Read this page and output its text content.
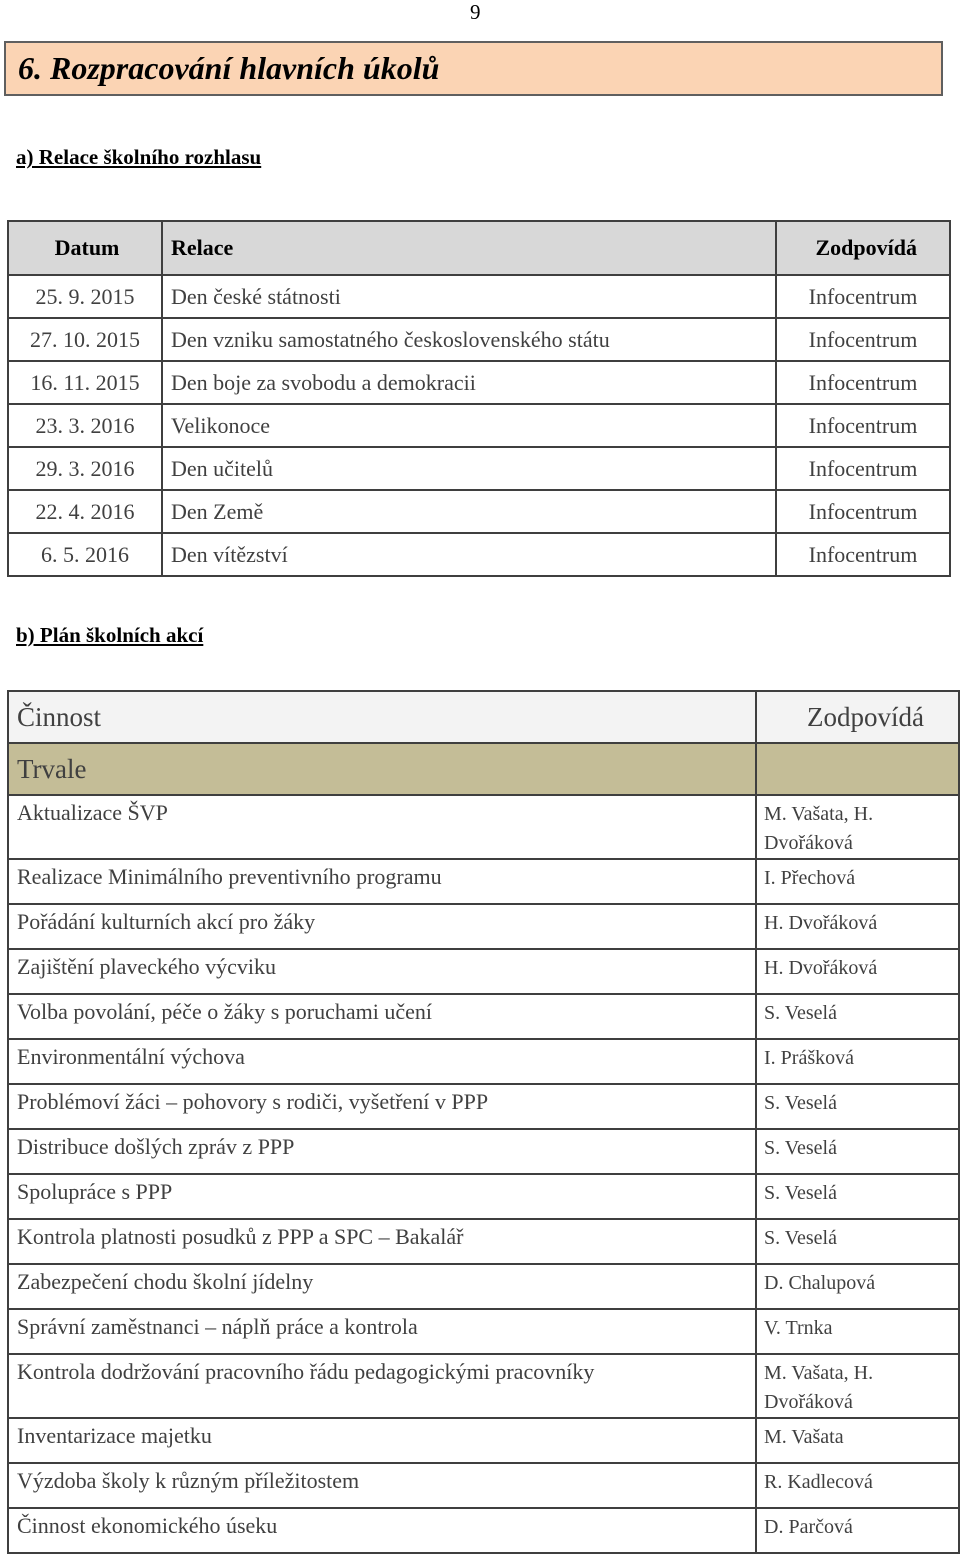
9
6. Rozpracování hlavních úkolů
a) Relace školního rozhlasu
Datum	Relace	Zodpovídá
25. 9. 2015	Den české státnosti	Infocentrum
27. 10. 2015	Den vzniku samostatného československého státu	Infocentrum
16. 11. 2015	Den boje za svobodu a demokracii	Infocentrum
23. 3. 2016	Velikonoce	Infocentrum
29. 3. 2016	Den učitelů	Infocentrum
22. 4. 2016	Den Země	Infocentrum
6. 5. 2016	Den vítězství	Infocentrum
b) Plán školních akcí
Činnost	Zodpovídá
Trvale	
Aktualizace ŠVP	M. Vašata, H. Dvořáková
Realizace Minimálního preventivního programu	I. Přechová
Pořádání kulturních akcí pro žáky	H. Dvořáková
Zajištění plaveckého výcviku	H. Dvořáková
Volba povolání, péče o žáky s poruchami učení	S. Veselá
Environmentální výchova	I. Prášková
Problémoví žáci – pohovory s rodiči, vyšetření v PPP	S. Veselá
Distribuce došlých zpráv z PPP	S. Veselá
Spolupráce s PPP	S. Veselá
Kontrola platnosti posudků z PPP a SPC – Bakalář	S. Veselá
Zabezpečení chodu školní jídelny	D. Chalupová
Správní zaměstnanci – náplň práce a kontrola	V. Trnka
Kontrola dodržování pracovního řádu pedagogickými pracovníky	M. Vašata, H. Dvořáková
Inventarizace majetku	M. Vašata
Výzdoba školy k různým příležitostem	R. Kadlecová
Činnost ekonomického úseku	D. Parčová
